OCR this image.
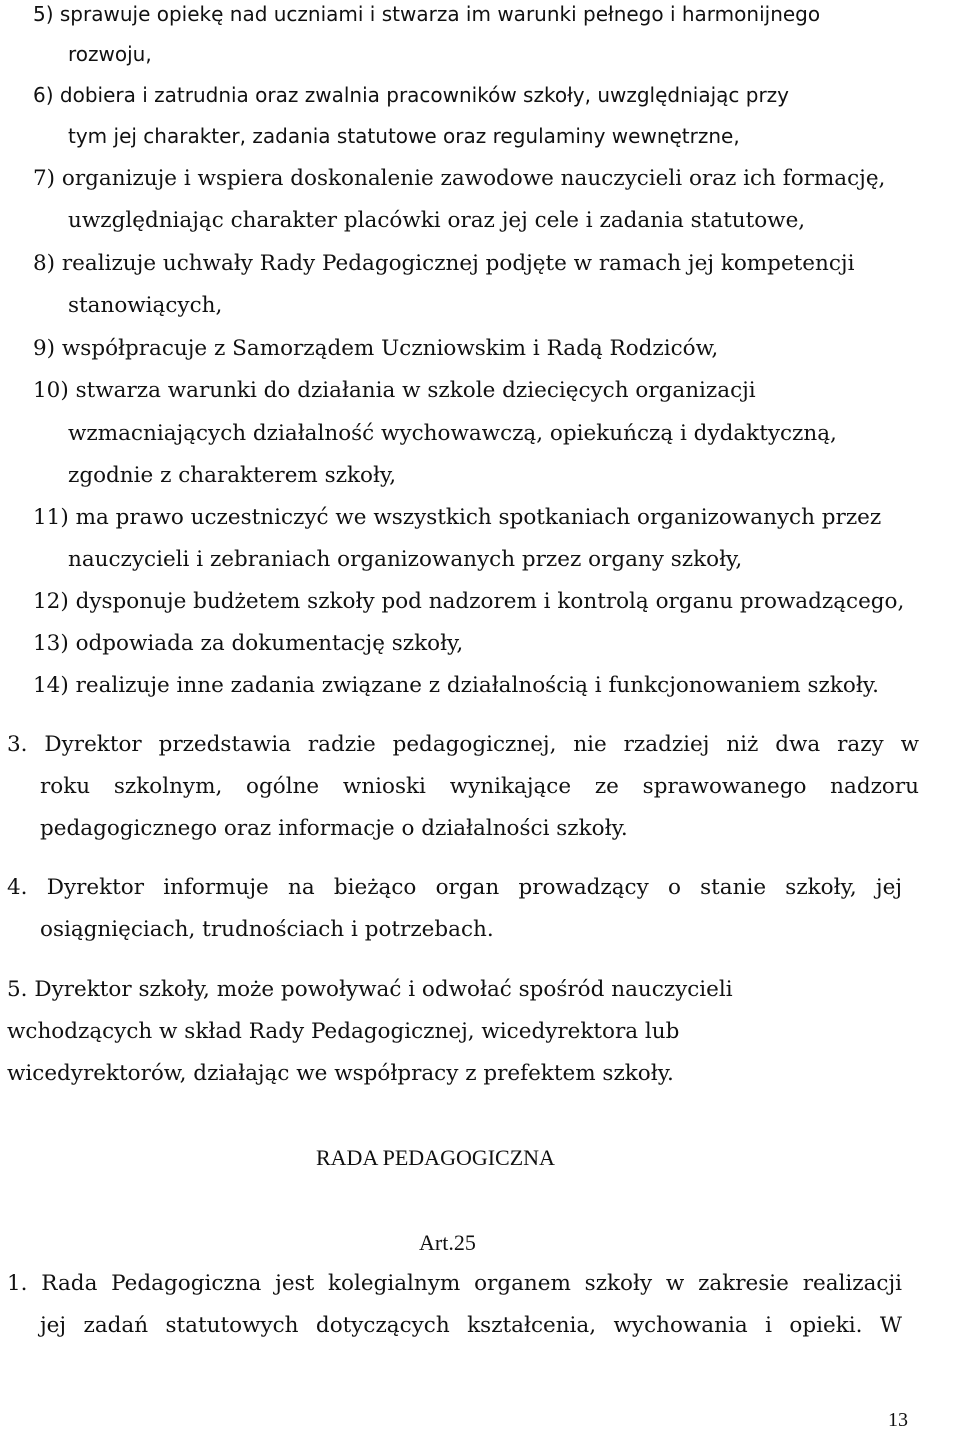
5) sprawuje opiekę nad uczniami i stwarza im warunki pełnego i harmonijnego
rozwoju,
6) dobiera i zatrudnia oraz zwalnia pracowników szkoły, uwzględniając przy
tym jej charakter, zadania statutowe oraz regulaminy wewnętrzne,
7) organizuje i wspiera doskonalenie zawodowe nauczycieli oraz ich formację,
uwzględniając charakter placówki oraz jej cele i zadania statutowe,
8) realizuje uchwały Rady Pedagogicznej podjęte w ramach jej kompetencji
stanowiących,
9) współpracuje z Samorządem Uczniowskim i Radą Rodziców,
10) stwarza warunki do działania w szkole dziecięcych organizacji
wzmacniających działalność wychowawczą, opiekuńczą i dydaktyczną,
zgodnie z charakterem szkoły,
11) ma prawo uczestniczyć we wszystkich spotkaniach organizowanych przez
nauczycieli i zebraniach organizowanych przez organy szkoły,
12) dysponuje budżetem szkoły pod nadzorem i kontrolą organu prowadzącego,
13) odpowiada za dokumentację szkoły,
14) realizuje inne zadania związane z działalnością i funkcjonowaniem szkoły.
3. Dyrektor przedstawia radzie pedagogicznej, nie rzadziej niż dwa razy w
roku szkolnym, ogólne wnioski wynikające ze sprawowanego nadzoru
pedagogicznego oraz informacje o działalności szkoły.
4. Dyrektor informuje na bieżąco organ prowadzący o stanie szkoły, jej
osiągnięciach, trudnościach i potrzebach.
5. Dyrektor szkoły, może powoływać i odwołać spośród nauczycieli
wchodzących w skład Rady Pedagogicznej, wicedyrektora lub
wicedyrektorów, działając we współpracy z prefektem szkoły.
RADA PEDAGOGICZNA
Art.25
1. Rada Pedagogiczna jest kolegialnym organem szkoły w zakresie realizacji
jej zadań statutowych dotyczących kształcenia, wychowania i opieki. W
13
